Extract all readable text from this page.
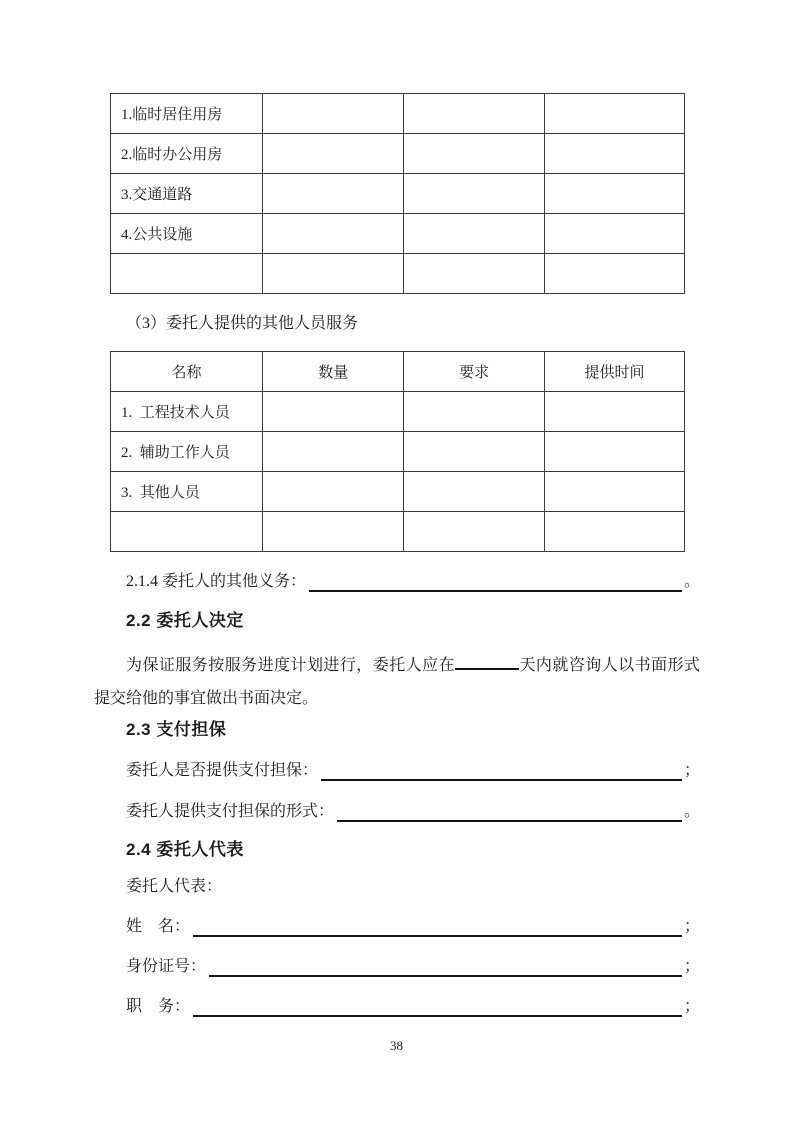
1.临时居住用房			
2.临时办公用房			
3.交通道路			
4.公共设施			

（3）委托人提供的其他人员服务
名称	数量	要求	提供时间
1.  工程技术人员			
2.  辅助工作人员			
3.  其他人员			

2.1.4 委托人的其他义务：	。
2.2 委托人决定
为保证服务按服务进度计划进行，委托人应在	天内就咨询人以书面形式提交给他的事宜做出书面决定。
2.3 支付担保
委托人是否提供支付担保：	；
委托人提供支付担保的形式：	。
2.4 委托人代表
委托人代表：
姓　名：	；
身份证号：	；
职　务：	；
38
